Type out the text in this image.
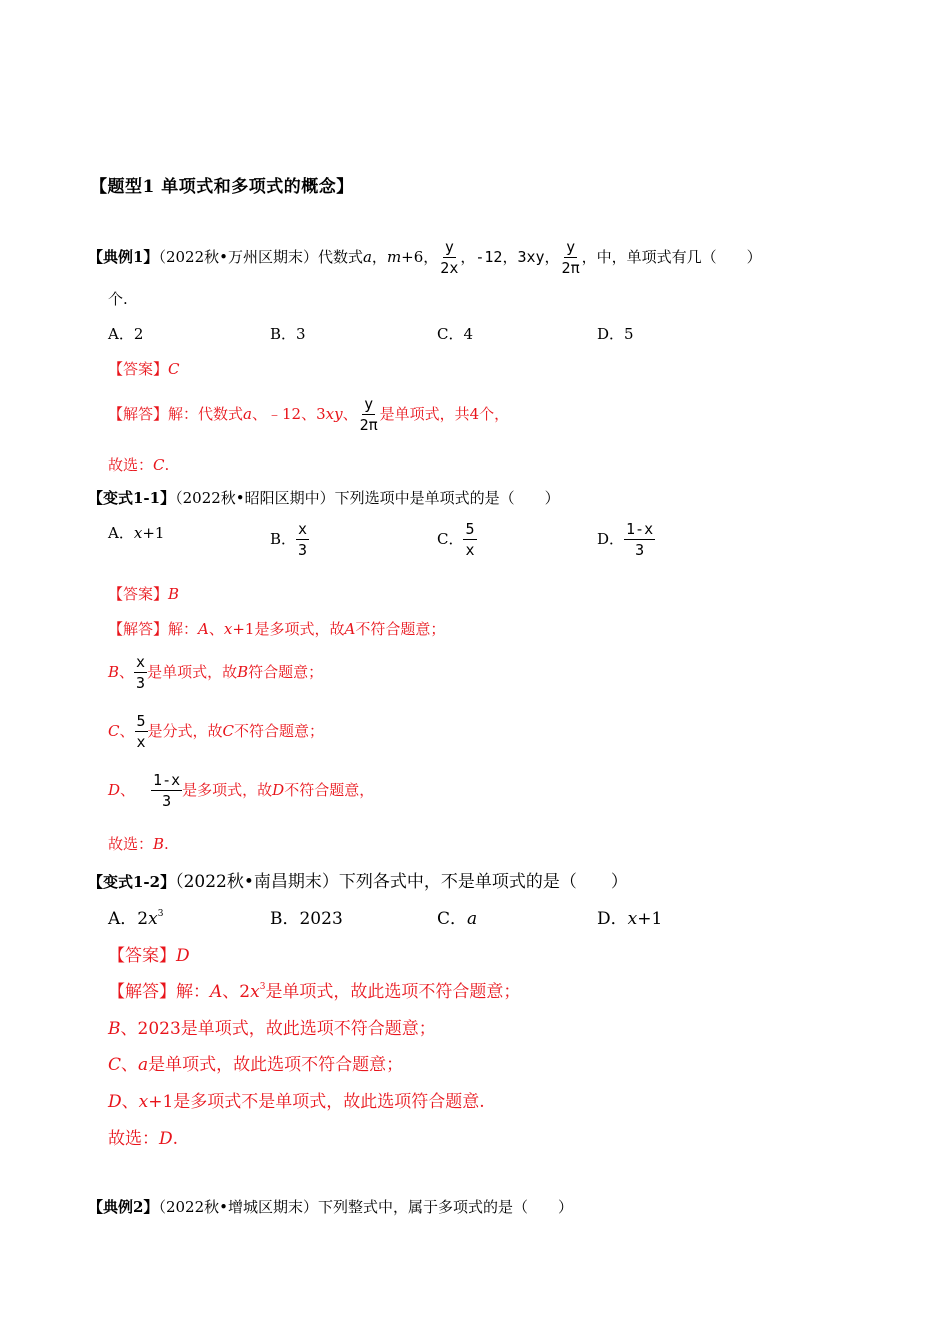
【题型1 单项式和多项式的概念】
【典例1】（2022秋•万州区期末）代数式a，m+6， $\frac{y}{2x}$ ，-12，3xy， $\frac{y}{2\pi}$ ，中，单项式有几（　　）
个.
A．2	B．3	C．4	D．5
【答案】C
【解答】解：代数式a、﹣12、3xy、 $\frac{y}{2\pi}$ 是单项式，共4个，
故选：C.
【变式1-1】（2022秋•昭阳区期中）下列选项中是单项式的是（　　）
A．x+1	B． $\frac{x}{3}$	C． $\frac{5}{x}$	D． $\frac{1-x}{3}$
【答案】B
【解答】解：A、x+1是多项式，故A不符合题意；
B、 $\frac{x}{3}$ 是单项式，故B符合题意；
C、 $\frac{5}{x}$ 是分式，故C不符合题意；
D、 $\frac{1-x}{3}$ 是多项式，故D不符合题意，
故选：B.
【变式1-2】（2022秋•南昌期末）下列各式中，不是单项式的是（　　）
A．$2x^3$	B．2023	C．a	D．x+1
【答案】D
【解答】解：A、$2x^3$是单项式，故此选项不符合题意；
B、2023是单项式，故此选项不符合题意；
C、a是单项式，故此选项不符合题意；
D、x+1是多项式不是单项式，故此选项符合题意.
故选：D.
【典例2】（2022秋•增城区期末）下列整式中，属于多项式的是（　　）
